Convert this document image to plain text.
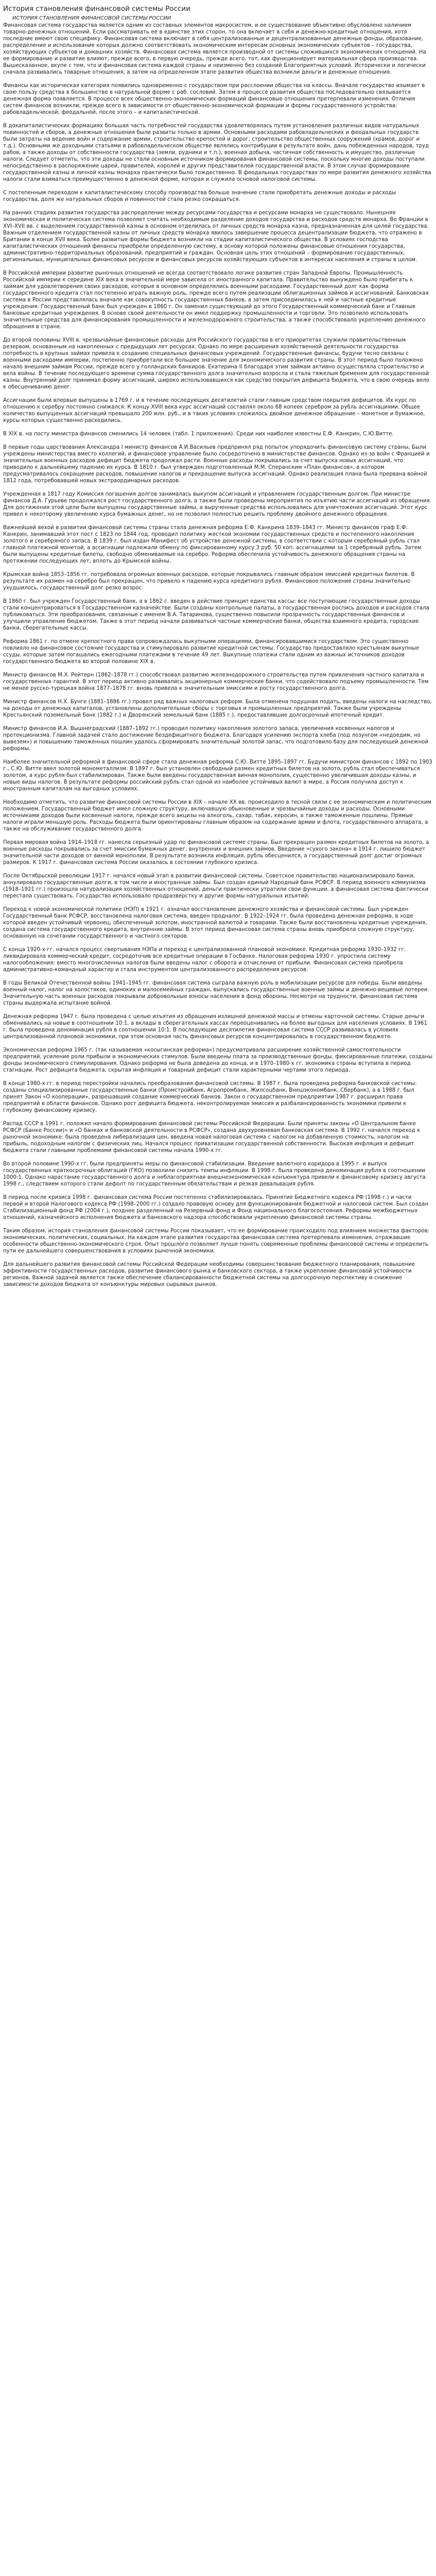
История становления финансовой системы России
ИСТОРИЯ СТАНОВЛЕНИЯ ФИНАНСОВОЙ СИСТЕМЫ РОССИИ

Финансовая система государства является одним из составных элементов макросистем, и ее существование объективно обусловлено наличием товарно-денежных отношений. Если рассматривать ее в единстве этих сторон, то она включает в себя и денежно-кредитные отношения, хотя последние имеют свою специфику. Финансовая система включает в себя централизованные и децентрализованные денежные фонды, образование, распределение и использование которых должно соответствовать экономическим интересам основных экономических субъектов – государства, хозяйствующих субъектов и домашних хозяйств. Финансовая система является производной от системы сложившихся экономических отношений. На ее формирование и развитие влияют, прежде всего, в первую очередь, прежде всего, тот, как функционирует материальная сфера производства. Вышесказанное, вкупе с тем, что и финансовая система каждой страны и неизменно без созданий Благоприятных условий. Исторически и логически сначала развивались товарные отношения, а затем на определенном этапе развития общества возникли деньги и денежные отношения.

Финансы как историческая категория появились одновременно с государством при расслоении общества на классы. Вначале государство изымает в свою пользу средства в большинстве в натуральной форме с раб. сословий. Затем в процессе развития общества последовательно связывается денежная форма появляется. В процессе всех общественно-экономических формаций финансовые отношения претерпевали изменения. Отличия систем финансов возникли, прежде всего в зависимости от общественно-экономической формации и формы государственного устройства: рабовладельческой, феодальной, после этого – и капиталистической.

В докапиталистических формациях большая часть потребностей государства удовлетворялась путем установления различных видов натуральных повинностей и сборов, а денежные отношения были развиты только в армии. Основными расходами рабовладельческих и феодальных государств были затраты на ведение войн и содержание армии, строительство крепостей и дорог, строительство общественных сооружений (храмов, дорог и т.д.). Основными же доходными статьями в рабовладельческом обществе являлись контрибуции в результате войн, дань побежденных народов, труд рабов, а также доходы от собственности государства (земли, рудники и т.п.), военная добыча, частичная собственность и имущество, различные налоги. Следует отметить, что эти доходы не стали основным источником формирования финансовой системы, поскольку многие доходы поступали непосредственно в распоряжение царей, правителей, королей и других представителей государственной власти. В этом случае формирование государственной казны и личной казны монарха практически было тождественно. В феодальных государствах по мере развития денежного хозяйства налоги стали взиматься преимущественно в денежной форме, которая и служила основой налоговой системы.

С постепенным переходом к капиталистическому способу производства больше значение стали приобретать денежные доходы и расходы государства, доля же натуральных сборов и повинностей стала резко сокращаться.

На ранних стадиях развития государства распределение между ресурсами государства и ресурсами монарха не существовало. Нынешняя экономическая и политическая система позволяет считать необходимым разделение доходов государства и расходов средств монарха. Во Франции в XVI–XVII вв. с выделением государственной казны в основном отделилась от личных средств монарха казна, предназначенная для целей государства. Важным отделением государственной казны от личных средств монарха явилось завершение процесса децентрализации бюджета, что отражено в Британии в конце XVII века. Более развитые формы бюджета возникли на стадии капиталистического общества. В условиях господства капиталистических отношений финансы приобрели определенную систему, в основу которой положены финансовые отношения государства, административно-территориальных образований, предприятий и граждан. Основная цель этих отношений – формирование государственных, региональных, муниципальных финансовых ресурсов и финансовых ресурсов хозяйствующих субъектов в интересах населения и страны в целом.

В Российской империи развитие рыночных отношений не всегда соответствовало логике развития стран Западной Европы. Промышленность Российской империи к середине XIX века в значительной мере зависела от иностранного капитала. Правительство вынуждено было прибегать к займам для удовлетворения своих расходов, которые в основном определялись военными расходами. Государственный долг как форма государственного кредита стал постепенно играть важную роль, прежде всего путем реализации облигационных займов и ассигнований. Банковская система в России представлялась вначале как совокупность государственных банков, а затем присоединилась к ней и частные кредитные учреждения. Государственный банк был учрежден в 1860 г. Он заменил существующий до этого Государственный коммерческий банк и Главные банковые кредитные учреждения. В основе своей деятельности он имел поддержку промышленности и торговли. Это позволило использовать значительные средства для финансирования промышленности и железнодорожного строительства, а также способствовало укреплению денежного обращения в стране.

До второй половины XVIII в. чрезвычайные финансовые расходы для Российского государства в его приоритетах служили правительственным резервом, основанным на накопленных с предыдущих лет ресурсах. Однако по мере расширения хозяйственной деятельности государства потребность в крупных займах привела к созданию специальных финансовых учреждений. Государственные финансы, будучи тесно связаны с военными расходами империи, постепенно приобретали все большее значение для экономического развития страны. В этот период было положено начало внешним займам России, прежде всего у голландских банкиров. Екатерина II благодаря этим займам активно осуществляла строительство и вела войны. В течение последующего времени сумма государственного долга значительно возросла и стала тяжелым бременем для государственной казны. Внутренний долг принимал форму ассигнаций, широко использовавшихся как средство покрытия дефицита бюджета, что в свою очередь вело к обесцениванию денег.

Ассигнации были впервые выпущены в 1769 г. и в течение последующих десятилетий стали главным средством покрытия дефицитов. Их курс по отношению к серебру постоянно снижался. К концу XVIII века курс ассигнаций составлял около 68 копеек серебром за рубль ассигнациями. Общее количество выпущенных ассигнаций превышало 200 млн. руб., и в таких условиях сложилось двойное денежное обращение – монетное и бумажное, курсы которых существенно расходились.

В XIX в. на посту министра финансов сменились 14 человек (табл. 1 приложения). Среди них наиболее известны Е.Ф. Канкрин, С.Ю.Витте.

В первые годы царствования Александра I министр финансов А.И.Васильев предпринял ряд попыток упорядочить финансовую систему страны. Были учреждены министерства вместо коллегий, и финансовое управление было сосредоточено в министерстве финансов. Однако из-за войн с Францией и значительных военных расходов дефицит бюджета продолжал расти. Военные расходы покрывались за счет выпуска новых ассигнаций, что приводило к дальнейшему падению их курса. В 1810 г. был утвержден подготовленный М.М. Сперанским «План финансов», в котором предусматривалось сокращение расходов, повышение налогов и прекращение выпуска ассигнаций. Однако реализация плана была прервана войной 1812 года, потребовавшей новых экстраординарных расходов.

Учрежденная в 1817 году Комиссия погашения долгов занималась выкупом ассигнаций и управлением государственным долгом. При министре финансов Д.А. Гурьеве продолжался рост государственного долга, а также были проведены мероприятия по изъятию части ассигнаций из обращения. Для достижения этой цели были выпущены государственные займы, а вырученные средства использовались для уничтожения ассигнаций. Этот курс привел к некоторому увеличению курса бумажных денег, но не позволил полностью решить проблему двойного денежного обращения.

Важнейшей вехой в развитии финансовой системы страны стала денежная реформа Е.Ф. Канкрина 1839–1843 гг. Министр финансов граф Е.Ф. Канкрин, занимавший этот пост с 1823 по 1844 год, проводил политику жесткой экономии государственных средств и постепенного накопления золотого и серебряного запаса. В 1839 г. был издан Манифест об устройстве денежной системы, в соответствии с которым серебряный рубль стал главной платежной монетой, а ассигнации подлежали обмену по фиксированному курсу 3 руб. 50 коп. ассигнациями за 1 серебряный рубль. Затем были выпущены кредитные билеты, свободно обмениваемые на серебро. Реформа обеспечила устойчивость денежного обращения страны на протяжении последующих лет, вплоть до Крымской войны.

Крымская война 1853–1856 гг. потребовала огромных военных расходов, которые покрывались главным образом эмиссией кредитных билетов. В результате их размен на серебро был прекращен, что привело к падению курса кредитного рубля. Финансовое положение страны значительно ухудшилось, государственный долг резко возрос.

В 1860 г. был учрежден Государственный банк, а в 1862 г. введен в действие принцип единства кассы: все поступающие государственные доходы стали концентрироваться в Государственном казначействе. Были созданы контрольные палаты, а государственная роспись доходов и расходов стала публиковаться. Эти преобразования, связанные с именем В.А. Татаринова, существенно повысили прозрачность государственных финансов и улучшили управление бюджетом. Также в этот период начали развиваться частные коммерческие банки, общества взаимного кредита, городские банки, сберегательные кассы.

Реформа 1861 г. по отмене крепостного права сопровождалась выкупными операциями, финансировавшимися государством. Это существенно повлияло на финансовое состояние государства и стимулировало развитие кредитной системы. Государство предоставляло крестьянам выкупные ссуды, которые затем погашались ежегодными платежами в течение 49 лет. Выкупные платежи стали одним из важных источников доходов государственного бюджета во второй половине XIX в.

Министр финансов М.Х. Рейтерн (1862–1878 гг.) способствовал развитию железнодорожного строительства путем привлечения частного капитала и государственных гарантий. В этот период активно развивались акционерные коммерческие банки, что содействовало подъему промышленности. Тем не менее русско-турецкая война 1877–1878 гг. вновь привела к значительным эмиссиям и росту государственного долга.

Министр финансов Н.Х. Бунге (1881–1886 гг.) провел ряд важных налоговых реформ. Была отменена подушная подать, введены налоги на наследство, на доходы от денежных капиталов, установлены дополнительные сборы с торговых и промышленных предприятий. Также были учреждены Крестьянский поземельный банк (1882 г.) и Дворянский земельный банк (1885 г.), предоставлявшие долгосрочный ипотечный кредит.

Министр финансов И.А. Вышнеградский (1887–1892 гг.) проводил политику накопления золотого запаса, увеличения косвенных налогов и протекционизма. Главной задачей стало достижение бездефицитного бюджета. Благодаря усилению экспорта хлеба (под лозунгом «недоедим, но вывезем») и повышению таможенных пошлин удалось сформировать значительный золотой запас, что подготовило базу для последующей денежной реформы.

Наиболее значительной реформой в финансовой сфере стала денежная реформа С.Ю. Витте 1895–1897 гг. Будучи министром финансов с 1892 по 1903 г., С.Ю. Витте ввел золотой монометаллизм. В 1897 г. был установлен свободный размен кредитных билетов на золото, рубль стал обеспечиваться золотом, а курс рубля был стабилизирован. Также были введены государственная винная монополия, существенно увеличившая доходы казны, и новые виды налогов. В результате реформы российский рубль стал одной из наиболее устойчивых валют в мире, а Россия получила доступ к иностранным капиталам на выгодных условиях.

Необходимо отметить, что развитие финансовой системы России в XIX – начале XX вв. происходило в тесной связи с ее экономическим и политическим положением. Государственный бюджет имел сложную структуру, включавшую обыкновенные и чрезвычайные доходы и расходы. Основными источниками доходов были косвенные налоги, прежде всего акцизы на алкоголь, сахар, табак, керосин, а также таможенные пошлины. Прямые налоги играли меньшую роль. Расходы бюджета были ориентированы главным образом на содержание армии и флота, государственного аппарата, а также на обслуживание государственного долга.

Первая мировая война 1914–1918 гг. нанесла серьезный удар по финансовой системе страны. Был прекращен размен кредитных билетов на золото, а военные расходы покрывались за счет эмиссии бумажных денег, внутренних и внешних займов. Введение «сухого закона» в 1914 г. лишило бюджет значительной части доходов от винной монополии. В результате возникла инфляция, рубль обесценился, а государственный долг достиг огромных размеров. К 1917 г. финансовая система России оказалась в состоянии глубокого кризиса.

После Октябрьской революции 1917 г. начался новый этап в развитии финансовой системы. Советское правительство национализировало банки, аннулировало государственные долги, в том числе и иностранные займы. Был создан единый Народный банк РСФСР. В период военного коммунизма (1918–1921 гг.) произошла натурализация хозяйственных отношений, деньги практически утратили свои функции, а финансовая система фактически перестала существовать. Государство использовало продразверстку и другие формы натуральных изъятий.

Переход к новой экономической политике (НЭП) в 1921 г. означал восстановление денежного хозяйства и финансовой системы. Был учрежден Государственный банк РСФСР, восстановлена налоговая система, введен продналог. В 1922–1924 гг. была проведена денежная реформа, в ходе которой введен устойчивый червонец, обеспеченный золотом, иностранной валютой и товарами. Также были восстановлены кредитные учреждения, создана система государственного кредита, внутренние займы. В этот период финансовая система страны вновь приобрела сложную структуру, основанную на сочетании государственного и частного секторов.

С конца 1920-х гг. начался процесс свертывания НЭПа и переход к централизованной плановой экономике. Кредитная реформа 1930–1932 гг. ликвидировала коммерческий кредит, сосредоточив все кредитные операции в Госбанке. Налоговая реформа 1930 г. упростила систему налогообложения: вместо многочисленных налогов были введены налог с оборота и отчисления от прибыли. Финансовая система приобрела административно-командный характер и стала инструментом централизованного распределения ресурсов.

В годы Великой Отечественной войны 1941–1945 гг. финансовая система сыграла важную роль в мобилизации ресурсов для победы. Были введены военный налог, налог на холостяков, одиноких и малосемейных граждан, выпускались государственные военные займы и денежно-вещевые лотереи. Значительную часть военных расходов покрывали добровольные взносы населения в фонд обороны. Несмотря на трудности, финансовая система страны выдержала испытание войной.

Денежная реформа 1947 г. была проведена с целью изъятия из обращения излишней денежной массы и отмены карточной системы. Старые деньги обменивались на новые в соотношении 10:1, а вклады в сберегательных кассах переоценивались на более выгодных для населения условиях. В 1961 г. была проведена деноминация рубля в соотношении 10:1. В последующие десятилетия финансовая система СССР развивалась в условиях централизованной плановой экономики, при этом основная часть финансовых ресурсов концентрировалась в государственном бюджете.

Экономическая реформа 1965 г. (так называемая «косыгинская реформа») предусматривала расширение хозяйственной самостоятельности предприятий, усиление роли прибыли и экономических стимулов. Были введены плата за производственные фонды, фиксированные платежи, созданы фонды экономического стимулирования. Однако реформа не была доведена до конца, и в 1970–1980-х гг. экономика страны вступила в период стагнации. Рост дефицита бюджета, скрытая инфляция и товарный дефицит стали характерными чертами этого периода.

В конце 1980-х гг. в период перестройки начались преобразования финансовой системы. В 1987 г. была проведена реформа банковской системы: созданы специализированные государственные банки (Промстройбанк, Агропромбанк, Жилсоцбанк, Внешэкономбанк, Сбербанк), а в 1988 г. был принят Закон «О кооперации», разрешавший создание коммерческих банков. Закон о государственном предприятии 1987 г. расширил права предприятий в области финансов. Однако рост дефицита бюджета, неконтролируемая эмиссия и разбалансированность экономики привели к глубокому финансовому кризису.

Распад СССР в 1991 г. положил начало формированию финансовой системы Российской Федерации. Были приняты законы «О Центральном банке РСФСР (Банке России)» и «О банках и банковской деятельности в РСФСР», создана двухуровневая банковская система. В 1992 г. начался переход к рыночной экономике: была проведена либерализация цен, введена новая налоговая система с налогом на добавленную стоимость, налогом на прибыль, подоходным налогом с физических лиц. Начался процесс приватизации государственной собственности. Высокая инфляция и дефицит бюджета стали главными проблемами финансовой системы начала 1990-х гг.

Во второй половине 1990-х гг. были предприняты меры по финансовой стабилизации. Введение валютного коридора в 1995 г. и выпуск государственных краткосрочных облигаций (ГКО) позволили снизить темпы инфляции. В 1998 г. была проведена деноминация рубля в соотношении 1000:1. Однако нарастание государственного долга и неблагоприятная внешнеэкономическая конъюнктура привели к финансовому кризису августа 1998 г., следствием которого стали дефолт по государственным обязательствам и резкая девальвация рубля.

В период после кризиса 1998 г. финансовая система России постепенно стабилизировалась. Принятие Бюджетного кодекса РФ (1998 г.) и части первой и второй Налогового кодекса РФ (1998–2000 гг.) создало правовую основу для функционирования бюджетной и налоговой систем. Был создан Стабилизационный фонд РФ (2004 г.), позднее разделенный на Резервный фонд и Фонд национального благосостояния. Реформы межбюджетных отношений, казначейского исполнения бюджета и банковского надзора способствовали укреплению финансовой системы страны.

Таким образом, история становления финансовой системы России показывает, что ее формирование происходило под влиянием множества факторов: экономических, политических, социальных. На каждом этапе развития государства финансовая система претерпевала изменения, отражавшие особенности общественно-экономического строя. Опыт прошлого позволяет лучше понять современные проблемы финансовой системы и определить пути ее дальнейшего совершенствования в условиях рыночной экономики.

Для дальнейшего развития финансовой системы Российской Федерации необходимы совершенствование бюджетного планирования, повышение эффективности государственных расходов, развитие финансового рынка и банковского сектора, а также укрепление финансовой устойчивости регионов. Важной задачей является также обеспечение сбалансированности бюджетной системы на долгосрочную перспективу и снижение зависимости доходов бюджета от конъюнктуры мировых сырьевых рынков.
